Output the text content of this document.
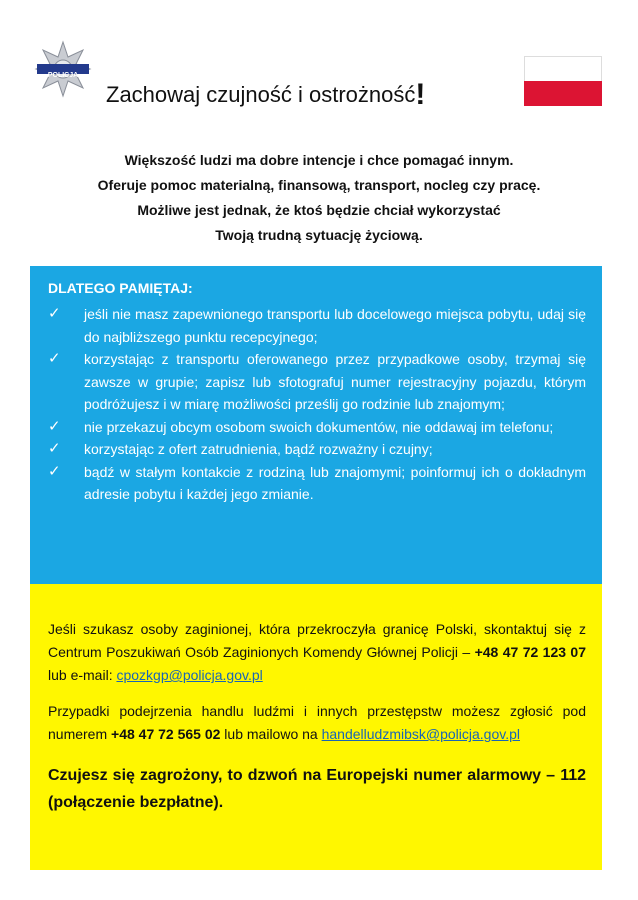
POLICJA
Zachowaj czujność i ostrożność!
Większość ludzi ma dobre intencje i chce pomagać innym.
Oferuje pomoc materialną, finansową, transport, nocleg czy pracę.
Możliwe jest jednak, że ktoś będzie chciał wykorzystać
Twoją trudną sytuację życiową.
DLATEGO PAMIĘTAJ:
✓	jeśli nie masz zapewnionego transportu lub docelowego miejsca pobytu, udaj się do najbliższego punktu recepcyjnego;
✓	korzystając z transportu oferowanego przez przypadkowe osoby, trzymaj się zawsze w grupie; zapisz lub sfotografuj numer rejestracyjny pojazdu, którym podróżujesz i w miarę możliwości prześlij go rodzinie lub znajomym;
✓	nie przekazuj obcym osobom swoich dokumentów, nie oddawaj im telefonu;
✓	korzystając z ofert zatrudnienia, bądź rozważny i czujny;
✓	bądź w stałym kontakcie z rodziną lub znajomymi; poinformuj ich o dokładnym adresie pobytu i każdej jego zmianie.

Jeśli szukasz osoby zaginionej, która przekroczyła granicę Polski, skontaktuj się z Centrum Poszukiwań Osób Zaginionych Komendy Głównej Policji – +48 47 72 123 07 lub e-mail: cpozkgp@policja.gov.pl

Przypadki podejrzenia handlu ludźmi i innych przestępstw możesz zgłosić pod numerem +48 47 72 565 02 lub mailowo na handelludzmibsk@policja.gov.pl

Czujesz się zagrożony, to dzwoń na Europejski numer alarmowy – 112 (połączenie bezpłatne).
